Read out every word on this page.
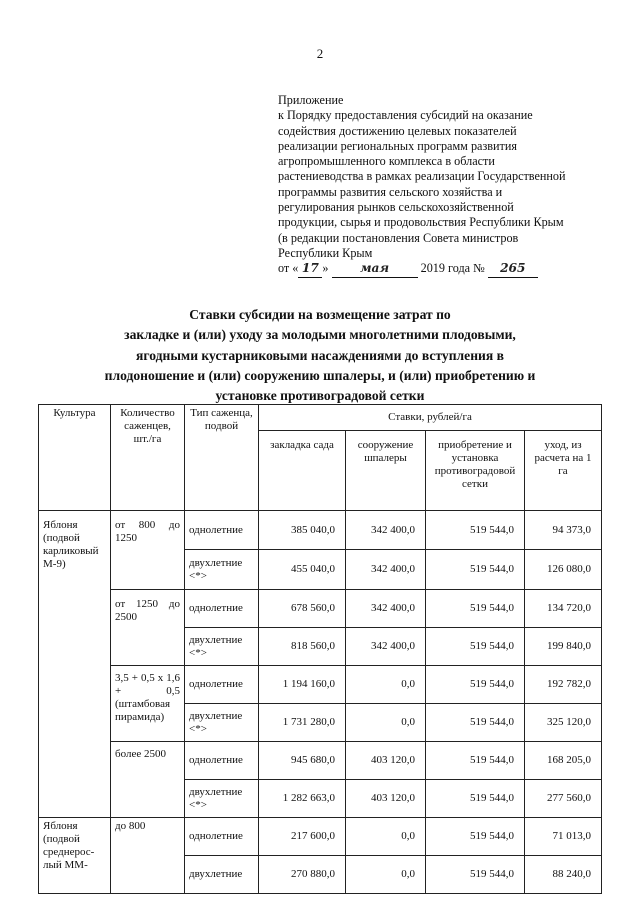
2
Приложение
к Порядку предоставления субсидий на оказание
содействия достижению целевых показателей
реализации региональных программ развития
агропромышленного комплекса в области
растениеводства в рамках реализации Государственной
программы развития сельского хозяйства и
регулирования рынков сельскохозяйственной
продукции, сырья и продовольствия Республики Крым
(в редакции постановления Совета министров
Республики Крым
от « 17 »	мая	2019 года № 265
Ставки субсидии на возмещение затрат по
закладке и (или) уходу за молодыми многолетними плодовыми,
ягодными кустарниковыми насаждениями до вступления в
плодоношение и (или) сооружению шпалеры, и (или) приобретению и
установке противоградовой сетки
Культура	Количество саженцев, шт./га	Тип саженца, подвой	Ставки, рублей/га			
			закладка сада	сооружение шпалеры	приобретение и установка противоградовой сетки	уход, из расчета на 1 га
Яблоня (подвой карликовый М-9)	от 800 до 1250	однолетние	385 040,0	342 400,0	519 544,0	94 373,0
		двухлетние <*>	455 040,0	342 400,0	519 544,0	126 080,0
	от 1250 до 2500	однолетние	678 560,0	342 400,0	519 544,0	134 720,0
		двухлетние <*>	818 560,0	342 400,0	519 544,0	199 840,0
	3,5 + 0,5 х 1,6 + 0,5 (штамбовая пирамида)	однолетние	1 194 160,0	0,0	519 544,0	192 782,0
		двухлетние <*>	1 731 280,0	0,0	519 544,0	325 120,0
	более 2500	однолетние	945 680,0	403 120,0	519 544,0	168 205,0
		двухлетние <*>	1 282 663,0	403 120,0	519 544,0	277 560,0
Яблоня (подвой среднерос-лый ММ-	до 800	однолетние	217 600,0	0,0	519 544,0	71 013,0
		двухлетние	270 880,0	0,0	519 544,0	88 240,0
